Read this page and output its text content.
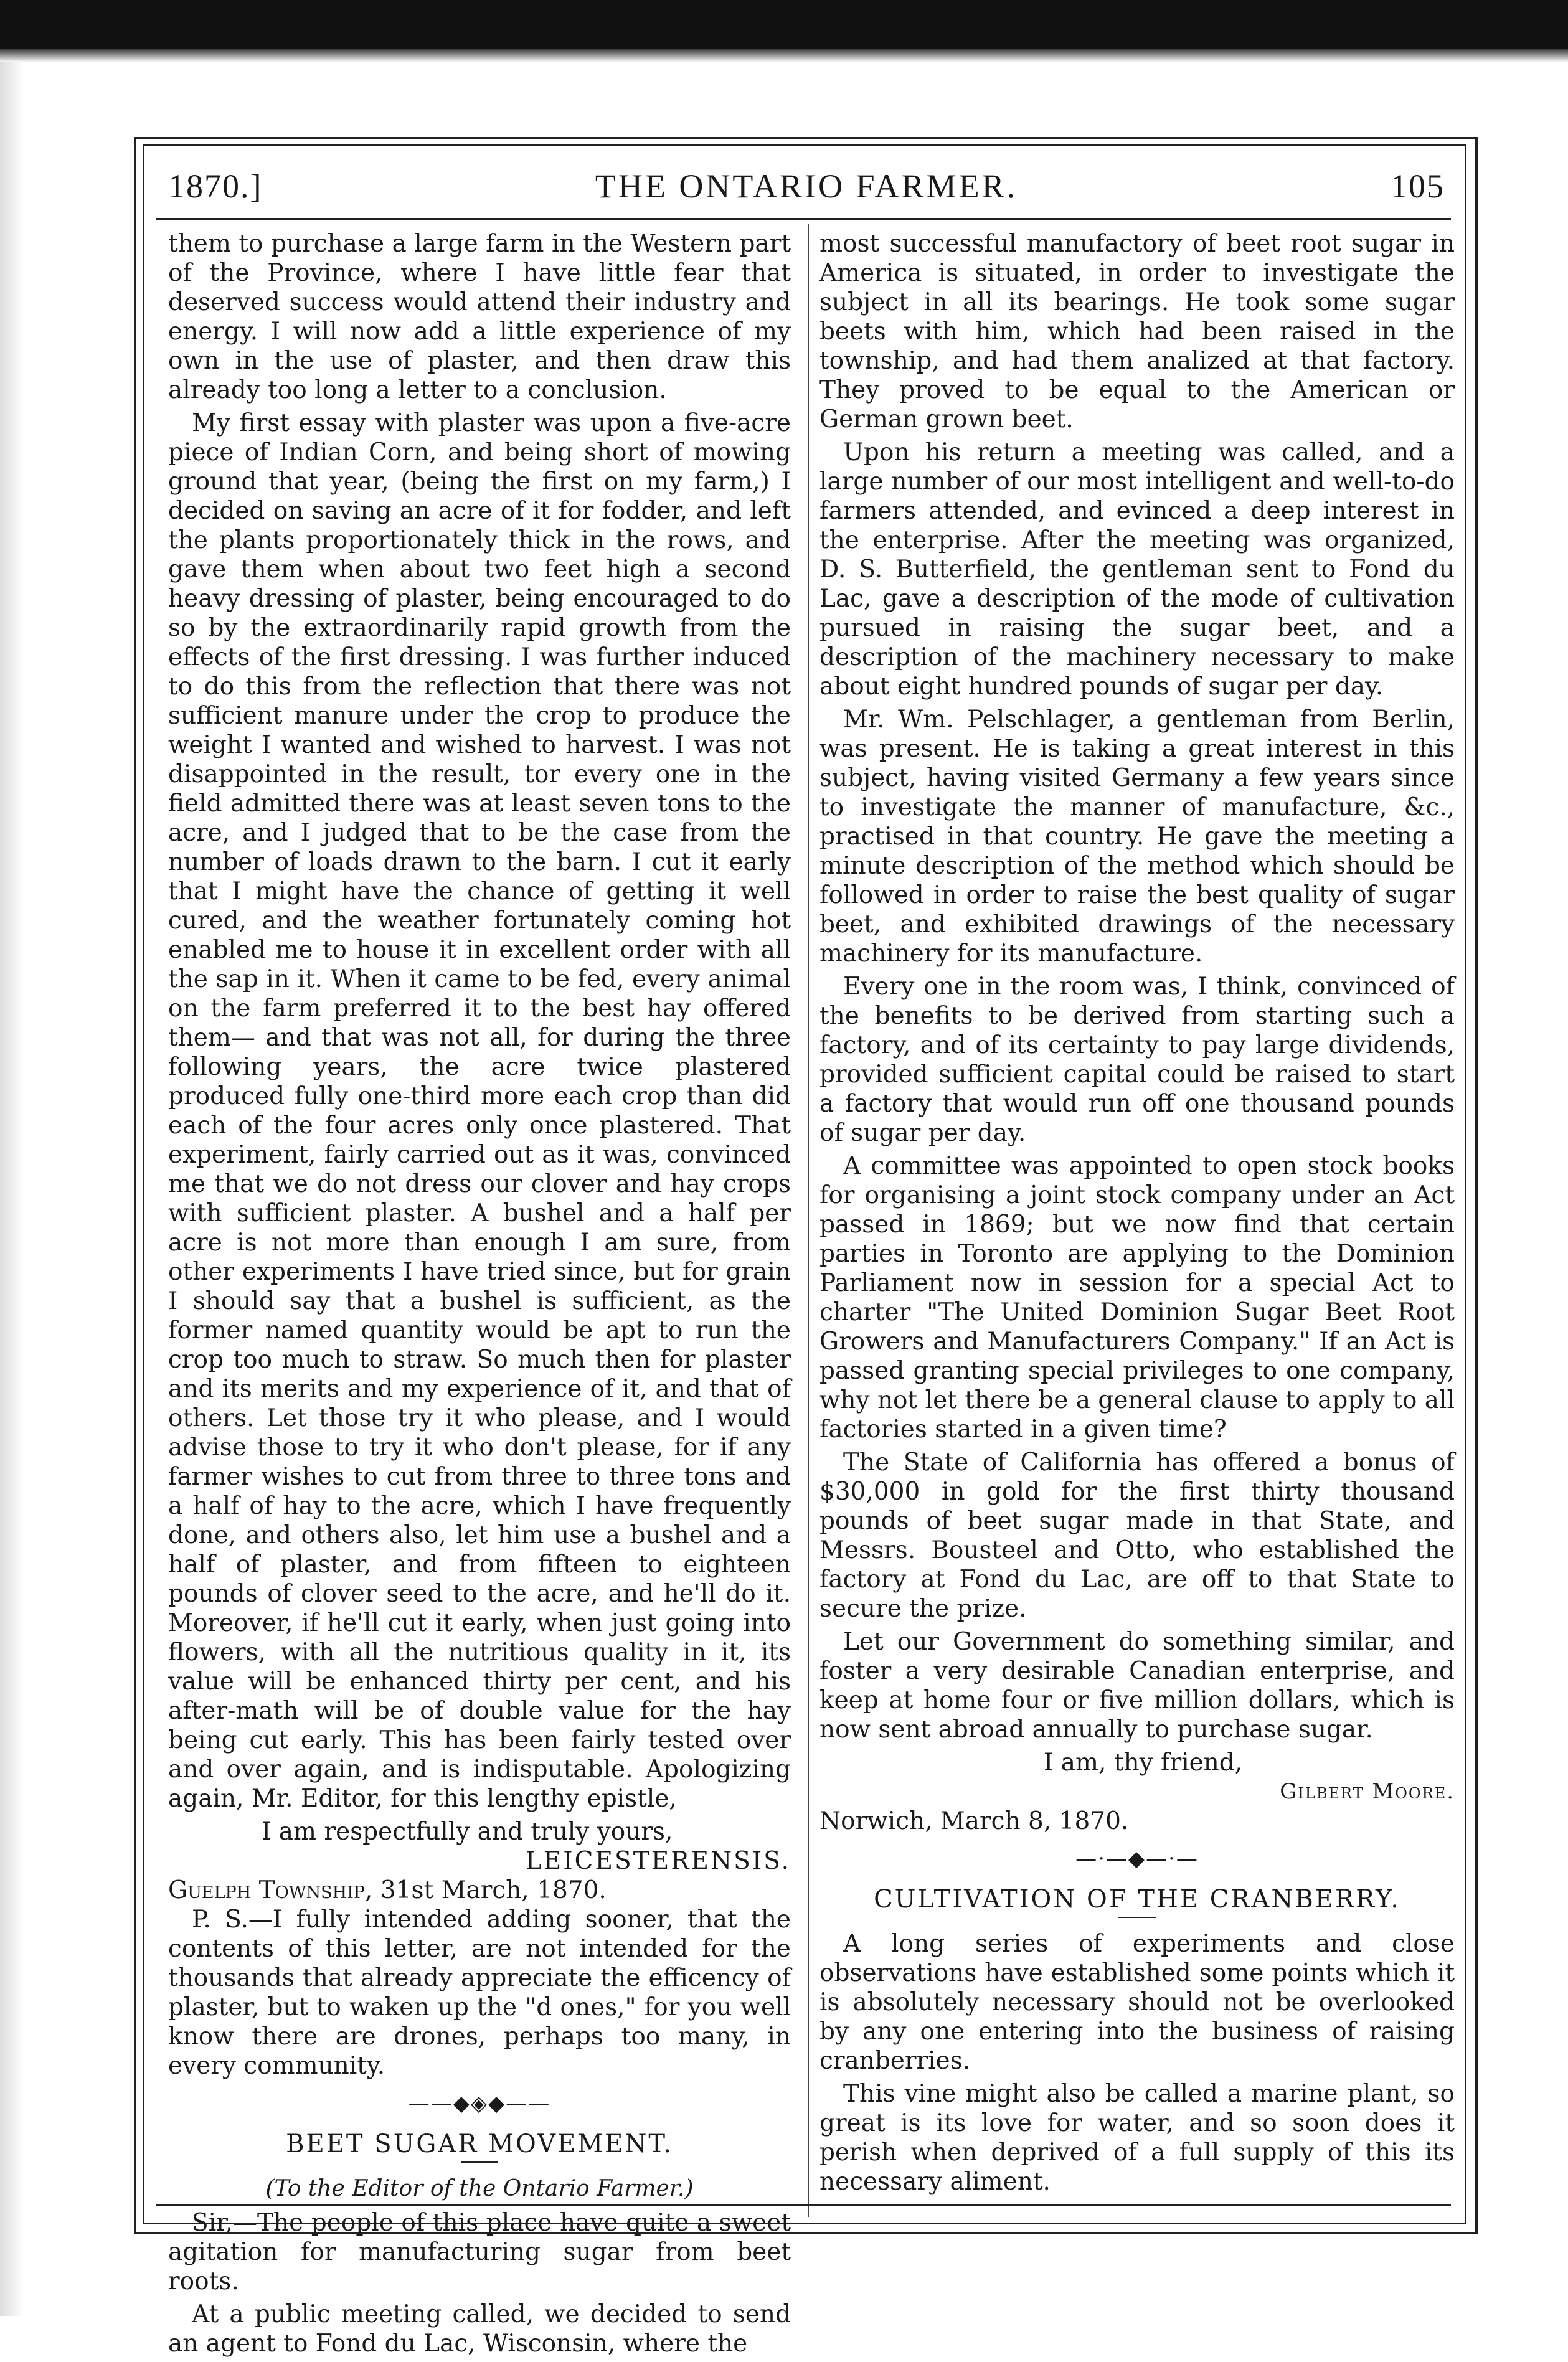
1870.]	THE ONTARIO FARMER.	105

them to purchase a large farm in the Western part of the Province, where I have little fear that deserved success would attend their industry and energy. I will now add a little experience of my own in the use of plaster, and then draw this already too long a letter to a conclusion.

My first essay with plaster was upon a five-acre piece of Indian Corn, and being short of mowing ground that year, (being the first on my farm,) I decided on saving an acre of it for fodder, and left the plants proportionately thick in the rows, and gave them when about two feet high a second heavy dressing of plaster, being encouraged to do so by the extraordinarily rapid growth from the effects of the first dressing. I was further induced to do this from the reflection that there was not sufficient manure under the crop to produce the weight I wanted and wished to harvest. I was not disappointed in the result, tor every one in the field admitted there was at least seven tons to the acre, and I judged that to be the case from the number of loads drawn to the barn. I cut it early that I might have the chance of getting it well cured, and the weather fortunately coming hot enabled me to house it in excellent order with all the sap in it. When it came to be fed, every animal on the farm preferred it to the best hay offered them— and that was not all, for during the three following years, the acre twice plastered produced fully one-third more each crop than did each of the four acres only once plastered. That experiment, fairly carried out as it was, convinced me that we do not dress our clover and hay crops with sufficient plaster. A bushel and a half per acre is not more than enough I am sure, from other experiments I have tried since, but for grain I should say that a bushel is sufficient, as the former named quantity would be apt to run the crop too much to straw. So much then for plaster and its merits and my experience of it, and that of others. Let those try it who please, and I would advise those to try it who don't please, for if any farmer wishes to cut from three to three tons and a half of hay to the acre, which I have frequently done, and others also, let him use a bushel and a half of plaster, and from fifteen to eighteen pounds of clover seed to the acre, and he'll do it. Moreover, if he'll cut it early, when just going into flowers, with all the nutritious quality in it, its value will be enhanced thirty per cent, and his after-math will be of double value for the hay being cut early. This has been fairly tested over and over again, and is indisputable. Apologizing again, Mr. Editor, for this lengthy epistle,

I am respectfully and truly yours,

LEICESTERENSIS.

Guelph Township, 31st March, 1870.

P. S.—I fully intended adding sooner, that the contents of this letter, are not intended for the thousands that already appreciate the efficency of plaster, but to waken up the "d ones," for you well know there are drones, perhaps too many, in every community.

——◆◈◆——
BEET SUGAR MOVEMENT.
(To the Editor of the Ontario Farmer.)

Sir,—The people of this place have quite a sweet agitation for manufacturing sugar from beet roots.

At a public meeting called, we decided to send an agent to Fond du Lac, Wisconsin, where the

most successful manufactory of beet root sugar in America is situated, in order to investigate the subject in all its bearings. He took some sugar beets with him, which had been raised in the township, and had them analized at that factory. They proved to be equal to the American or German grown beet.

Upon his return a meeting was called, and a large number of our most intelligent and well-to-do farmers attended, and evinced a deep interest in the enterprise. After the meeting was organized, D. S. Butterfield, the gentleman sent to Fond du Lac, gave a description of the mode of cultivation pursued in raising the sugar beet, and a description of the machinery necessary to make about eight hundred pounds of sugar per day.

Mr. Wm. Pelschlager, a gentleman from Berlin, was present. He is taking a great interest in this subject, having visited Germany a few years since to investigate the manner of manufacture, &c., practised in that country. He gave the meeting a minute description of the method which should be followed in order to raise the best quality of sugar beet, and exhibited drawings of the necessary machinery for its manufacture.

Every one in the room was, I think, convinced of the benefits to be derived from starting such a factory, and of its certainty to pay large dividends, provided sufficient capital could be raised to start a factory that would run off one thousand pounds of sugar per day.

A committee was appointed to open stock books for organising a joint stock company under an Act passed in 1869; but we now find that certain parties in Toronto are applying to the Dominion Parliament now in session for a special Act to charter "The United Dominion Sugar Beet Root Growers and Manufacturers Company." If an Act is passed granting special privileges to one company, why not let there be a general clause to apply to all factories started in a given time?

The State of California has offered a bonus of $30,000 in gold for the first thirty thousand pounds of beet sugar made in that State, and Messrs. Bousteel and Otto, who established the factory at Fond du Lac, are off to that State to secure the prize.

Let our Government do something similar, and foster a very desirable Canadian enterprise, and keep at home four or five million dollars, which is now sent abroad annually to purchase sugar.

I am, thy friend,

Gilbert Moore.

Norwich, March 8, 1870.

—·—◆—·—
CULTIVATION OF THE CRANBERRY.

A long series of experiments and close observations have established some points which it is absolutely necessary should not be overlooked by any one entering into the business of raising cranberries.

This vine might also be called a marine plant, so great is its love for water, and so soon does it perish when deprived of a full supply of this its necessary aliment.
